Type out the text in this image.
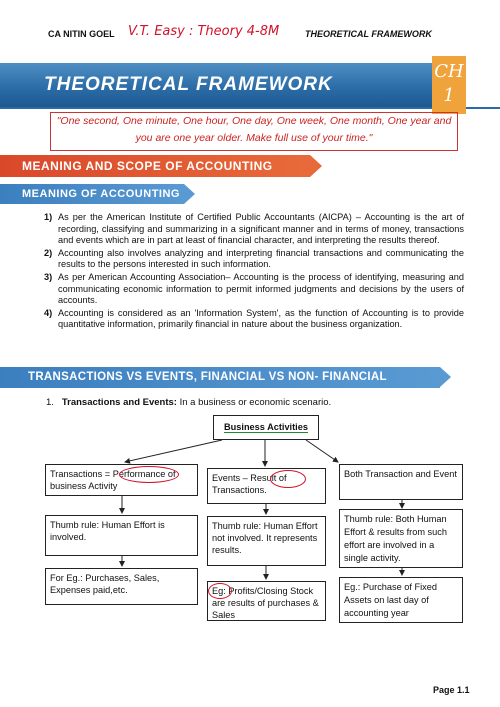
CA NITIN GOEL V.T. Easy : Theory 4-8M	THEORETICAL FRAMEWORK
THEORETICAL FRAMEWORK
CH
1
"One second, One minute, One hour, One day, One week, One month, One year and you are one year older. Make full use of your time."
MEANING AND SCOPE OF ACCOUNTING
MEANING OF ACCOUNTING
1) As per the American Institute of Certified Public Accountants (AICPA) – Accounting is the art of recording, classifying and summarizing in a significant manner and in terms of money, transactions and events which are in part at least of financial character, and interpreting the results thereof.
2) Accounting also involves analyzing and interpreting financial transactions and communicating the results to the persons interested in such information.
3) As per American Accounting Association– Accounting is the process of identifying, measuring and communicating economic information to permit informed judgments and decisions by the users of accounts.
4) Accounting is considered as an 'Information System', as the function of Accounting is to provide quantitative information, primarily financial in nature about the business organization.
TRANSACTIONS VS EVENTS, FINANCIAL VS NON- FINANCIAL
1. Transactions and Events: In a business or economic scenario.
Business Activities
Transactions = Performance of business Activity
Thumb rule: Human Effort is involved.
For Eg.: Purchases, Sales, Expenses paid,etc.
Events – Result of Transactions.
Thumb rule: Human Effort not involved. It represents results.
Eg: Profits/Closing Stock are results of purchases & Sales
Both Transaction and Event
Thumb rule: Both Human Effort & results from such effort are involved in a single activity.
Eg.: Purchase of Fixed Assets on last day of accounting year
Page 1.1
